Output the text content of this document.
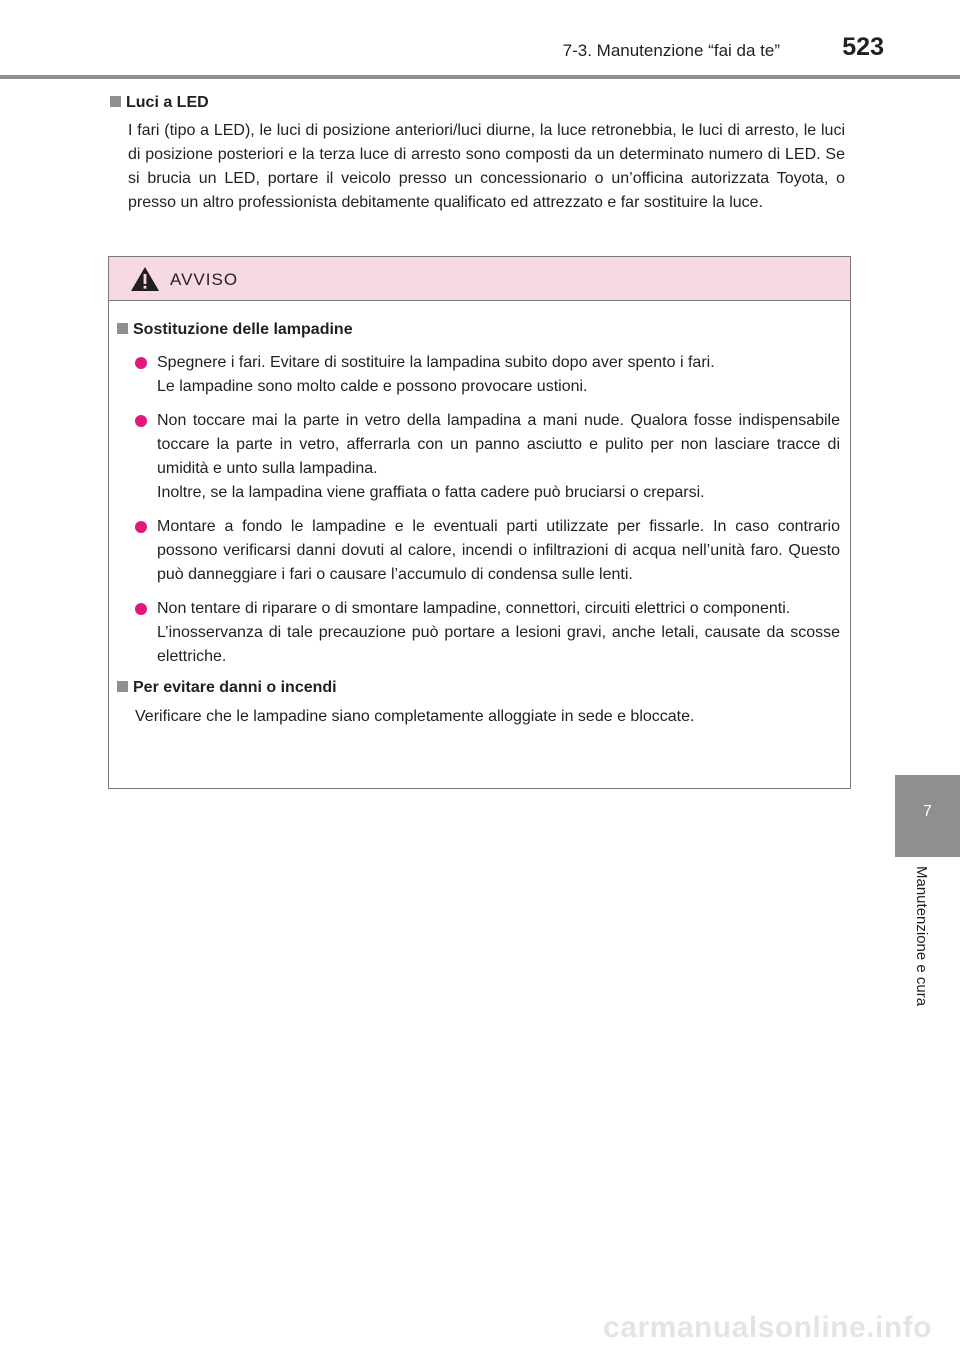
7-3. Manutenzione “fai da te” 523
7
Manutenzione e cura
Luci a LED
I fari (tipo a LED), le luci di posizione anteriori/luci diurne, la luce retronebbia, le luci di arresto, le luci di posizione posteriori e la terza luce di arresto sono composti da un determinato numero di LED. Se si brucia un LED, portare il veicolo presso un concessionario o un’officina autorizzata Toyota, o presso un altro professionista debitamente qualificato ed attrezzato e far sostituire la luce.
AVVISO
Sostituzione delle lampadine

Spegnere i fari. Evitare di sostituire la lampadina subito dopo aver spento i fari.

Le lampadine sono molto calde e possono provocare ustioni.

Non toccare mai la parte in vetro della lampadina a mani nude. Qualora fosse indispensabile toccare la parte in vetro, afferrarla con un panno asciutto e pulito per non lasciare tracce di umidità e unto sulla lampadina.

Inoltre, se la lampadina viene graffiata o fatta cadere può bruciarsi o creparsi.

Montare a fondo le lampadine e le eventuali parti utilizzate per fissarle. In caso contrario possono verificarsi danni dovuti al calore, incendi o infiltrazioni di acqua nell’unità faro. Questo può danneggiare i fari o causare l’accumulo di condensa sulle lenti.

Non tentare di riparare o di smontare lampadine, connettori, circuiti elettrici o componenti.

L’inosservanza di tale precauzione può portare a lesioni gravi, anche letali, causate da scosse elettriche.

Per evitare danni o incendi
Verificare che le lampadine siano completamente alloggiate in sede e bloccate.
carmanualsonline.info
